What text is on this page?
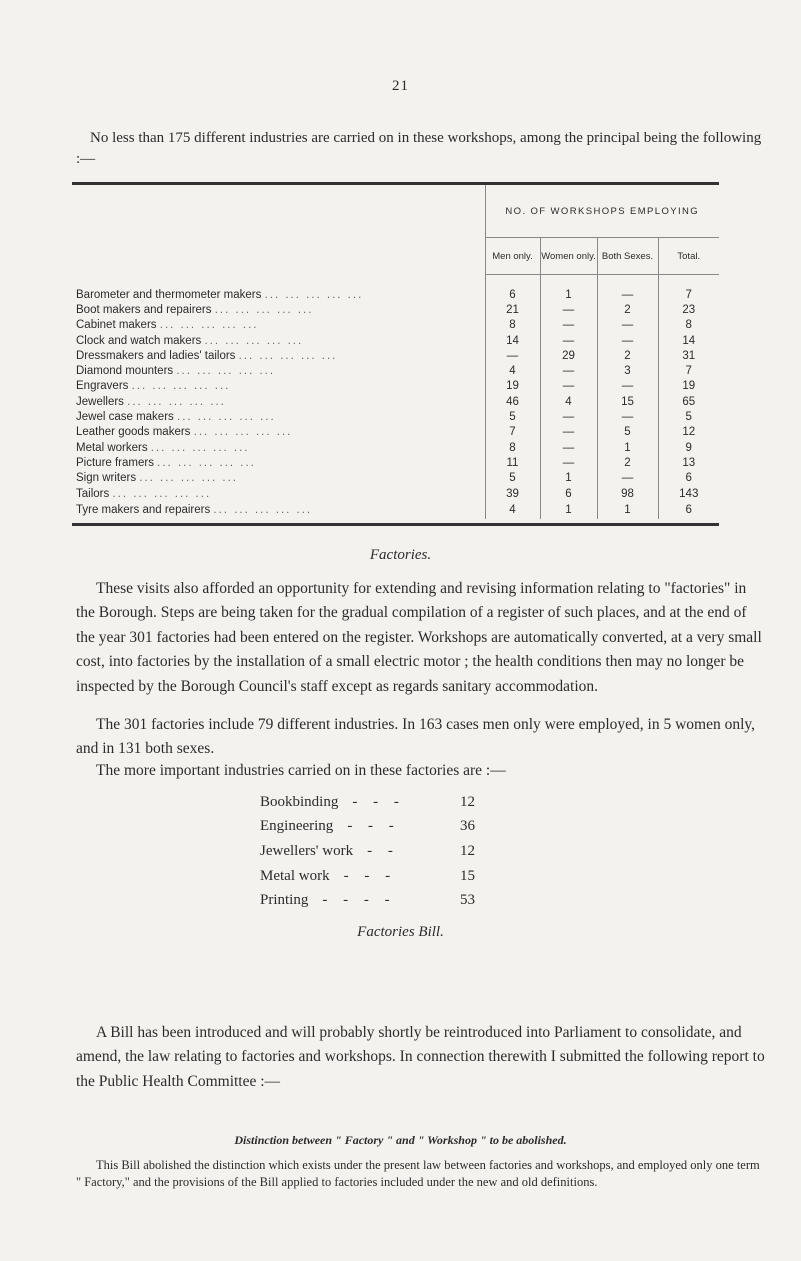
21

No less than 175 different industries are carried on in these workshops, among the principal being the following :—

	NO. OF WORKSHOPS EMPLOYING			
	Men only.	Women only.	Both Sexes.	Total.

Barometer and thermometer makers ... ... ... ... ...	6	1	—	7
Boot makers and repairers ... ... ... ... ...	21	—	2	23
Cabinet makers ... ... ... ... ...	8	—	—	8
Clock and watch makers ... ... ... ... ...	14	—	—	14
Dressmakers and ladies' tailors ... ... ... ... ...	—	29	2	31
Diamond mounters ... ... ... ... ...	4	—	3	7
Engravers ... ... ... ... ...	19	—	—	19
Jewellers ... ... ... ... ...	46	4	15	65
Jewel case makers ... ... ... ... ...	5	—	—	5
Leather goods makers ... ... ... ... ...	7	—	5	12
Metal workers ... ... ... ... ...	8	—	1	9
Picture framers ... ... ... ... ...	11	—	2	13
Sign writers ... ... ... ... ...	5	1	—	6
Tailors ... ... ... ... ...	39	6	98	143
Tyre makers and repairers ... ... ... ... ...	4	1	1	6
Factories.

These visits also afforded an opportunity for extending and revising information relating to "factories" in the Borough. Steps are being taken for the gradual compilation of a register of such places, and at the end of the year 301 factories had been entered on the register. Workshops are automatically converted, at a very small cost, into factories by the installation of a small electric motor ; the health conditions then may no longer be inspected by the Borough Council's staff except as regards sanitary accommodation.

The 301 factories include 79 different industries. In 163 cases men only were employed, in 5 women only, and in 131 both sexes.

The more important industries carried on in these factories are :—

Bookbinding - - -	12
Engineering - - -	36
Jewellers' work - -	12
Metal work - - -	15
Printing - - - -	53
Factories Bill.

A Bill has been introduced and will probably shortly be reintroduced into Parliament to consolidate, and amend, the law relating to factories and workshops. In connection therewith I submitted the following report to the Public Health Committee :—

Distinction between " Factory " and " Workshop " to be abolished.

This Bill abolished the distinction which exists under the present law between factories and workshops, and employed only one term " Factory," and the provisions of the Bill applied to factories included under the new and old definitions.
